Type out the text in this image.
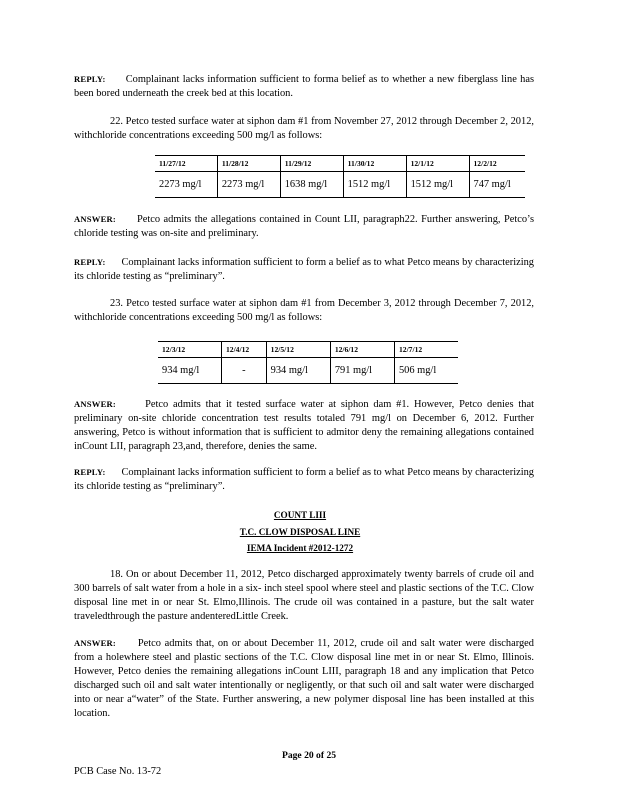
REPLY: Complainant lacks information sufficient to forma belief as to whether a new fiberglass line has been bored underneath the creek bed at this location.
22. Petco tested surface water at siphon dam #1 from November 27, 2012 through December 2, 2012, withchloride concentrations exceeding 500 mg/l as follows:
11/27/12	11/28/12	11/29/12	11/30/12	12/1/12	12/2/12
2273 mg/l	2273 mg/l	1638 mg/l	1512 mg/l	1512 mg/l	747 mg/l
ANSWER: Petco admits the allegations contained in Count LII, paragraph22. Further answering, Petco’s chloride testing was on-site and preliminary.
REPLY: Complainant lacks information sufficient to form a belief as to what Petco means by characterizing its chloride testing as “preliminary”.
23. Petco tested surface water at siphon dam #1 from December 3, 2012 through December 7, 2012, withchloride concentrations exceeding 500 mg/l as follows:
12/3/12	12/4/12	12/5/12	12/6/12	12/7/12
934 mg/l	-	934 mg/l	791 mg/l	506 mg/l
ANSWER:	Petco admits that it tested surface water at siphon dam #1. However, Petco denies that preliminary on-site chloride concentration test results totaled 791 mg/l on December 6, 2012. Further answering, Petco is without information that is sufficient to admitor deny the remaining allegations contained inCount LII, paragraph 23,and, therefore, denies the same.
REPLY: Complainant lacks information sufficient to form a belief as to what Petco means by characterizing its chloride testing as “preliminary”.
COUNT LIII
T.C. CLOW DISPOSAL LINE
IEMA Incident #2012-1272
18. On or about December 11, 2012, Petco discharged approximately twenty barrels of crude oil and 300 barrels of salt water from a hole in a six- inch steel spool where steel and plastic sections of the T.C. Clow disposal line met in or near St. Elmo,Illinois. The crude oil was contained in a pasture, but the salt water traveledthrough the pasture andenteredLittle Creek.
ANSWER: Petco admits that, on or about December 11, 2012, crude oil and salt water were discharged from a holewhere steel and plastic sections of the T.C. Clow disposal line met in or near St. Elmo, Illinois. However, Petco denies the remaining allegations inCount LIII, paragraph 18 and any implication that Petco discharged such oil and salt water intentionally or negligently, or that such oil and salt water were discharged into or near a“water” of the State. Further answering, a new polymer disposal line has been installed at this location.
Page 20 of 25
PCB Case No. 13-72
